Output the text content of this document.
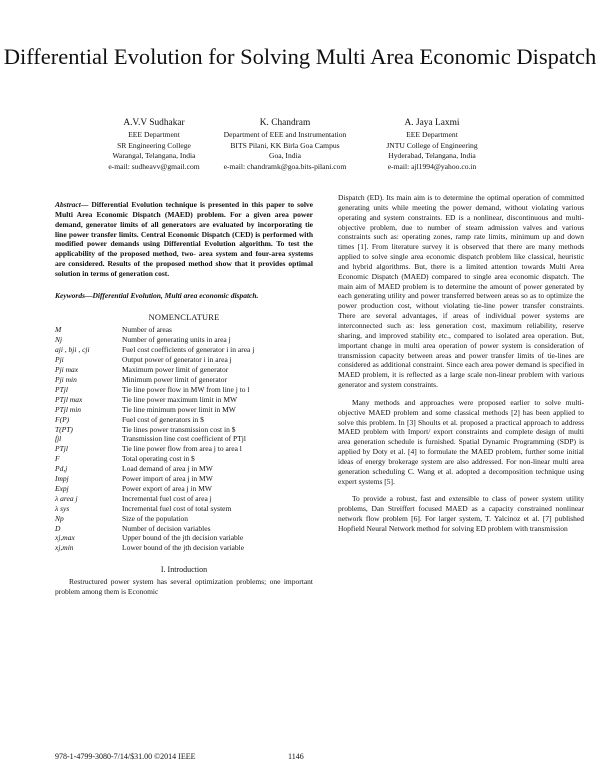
Differential Evolution for Solving Multi Area Economic Dispatch
A.V.V Sudhakar
EEE Department
SR Engineering College
Warangal, Telangana, India
e-mail: sudheavv@gmail.com
K. Chandram
Department of EEE and Instrumentation
BITS Pilani, KK Birla Goa Campus
Goa, India
e-mail: chandramk@goa.bits-pilani.com
A. Jaya Laxmi
EEE Department
JNTU College of Engineering
Hyderabad, Telangana, India
e-mail: ajl1994@yahoo.co.in
Abstract— Differential Evolution technique is presented in this paper to solve Multi Area Economic Dispatch (MAED) problem. For a given area power demand, generator limits of all generators are evaluated by incorporating tie line power transfer limits. Central Economic Dispatch (CED) is performed with modified power demands using Differential Evolution algorithm. To test the applicability of the proposed method, two- area system and four-area systems are considered. Results of the proposed method show that it provides optimal solution in terms of generation cost.
Keywords—Differential Evolution, Multi area economic dispatch.
NOMENCLATURE
M	Number of areas
Nj	Number of generating units in area j
aji , bji , cji	Fuel cost coefficients of generator i in area j
Pji	Output power of generator i in area j
Pji max	Maximum power limit of generator
Pji min	Minimum power limit of generator
PTjl	Tie line power flow in MW from line j to l
PTjl max	Tie line power maximum limit in MW
PTjl min	Tie line minimum power limit in MW
F(P)	Fuel cost of generators in $
T(PT)	Tie lines power transmission cost in $
fjl	Transmission line cost coefficient of PTjl
PTjl	Tie line power flow from area j to area l
F	Total operating cost in $
Pd,j	Load demand of area j in MW
Impj	Power import of area j in MW
Expj	Power export of area j in MW
λ area j	Incremental fuel cost of area j
λ sys	Incremental fuel cost of total system
Np	Size of the population
D	Number of decision variables
xj,max	Upper bound of the jth decision variable
xj,min	Lower bound of the jth decision variable
I. Introduction
Restructured power system has several optimization problems; one important problem among them is Economic
Dispatch (ED). Its main aim is to determine the optimal operation of committed generating units while meeting the power demand, without violating various operating and system constraints. ED is a nonlinear, discontinuous and multi-objective problem, due to number of steam admission valves and various constraints such as: operating zones, ramp rate limits, minimum up and down times [1]. From literature survey it is observed that there are many methods applied to solve single area economic dispatch problem like classical, heuristic and hybrid algorithms. But, there is a limited attention towards Multi Area Economic Dispatch (MAED) compared to single area economic dispatch. The main aim of MAED problem is to determine the amount of power generated by each generating utility and power transferred between areas so as to optimize the power production cost, without violating tie-line power transfer constraints. There are several advantages, if areas of individual power systems are interconnected such as: less generation cost, maximum reliability, reserve sharing, and improved stability etc., compared to isolated area operation. But, important change in multi area operation of power system is consideration of transmission capacity between areas and power transfer limits of tie-lines are considered as additional constraint. Since each area power demand is specified in MAED problem, it is reflected as a large scale non-linear problem with various generator and system constraints.
Many methods and approaches were proposed earlier to solve multi-objective MAED problem and some classical methods [2] has been applied to solve this problem. In [3] Shoults et al. proposed a practical approach to address MAED problem with Import/ export constraints and complete design of multi area generation schedule is furnished. Spatial Dynamic Programming (SDP) is applied by Doty et al. [4] to formulate the MAED problem, further some initial ideas of energy brokerage system are also addressed. For non-linear multi area generation scheduling C. Wang et al. adopted a decomposition technique using expert systems [5].
To provide a robust, fast and extensible to class of power system utility problems, Dan Streiffert focused MAED as a capacity constrained nonlinear network flow problem [6]. For larger system, T. Yalcinoz et al. [7] published Hopfield Neural Network method for solving ED problem with transmission
978-1-4799-3080-7/14/$31.00 ©2014 IEEE	1146
